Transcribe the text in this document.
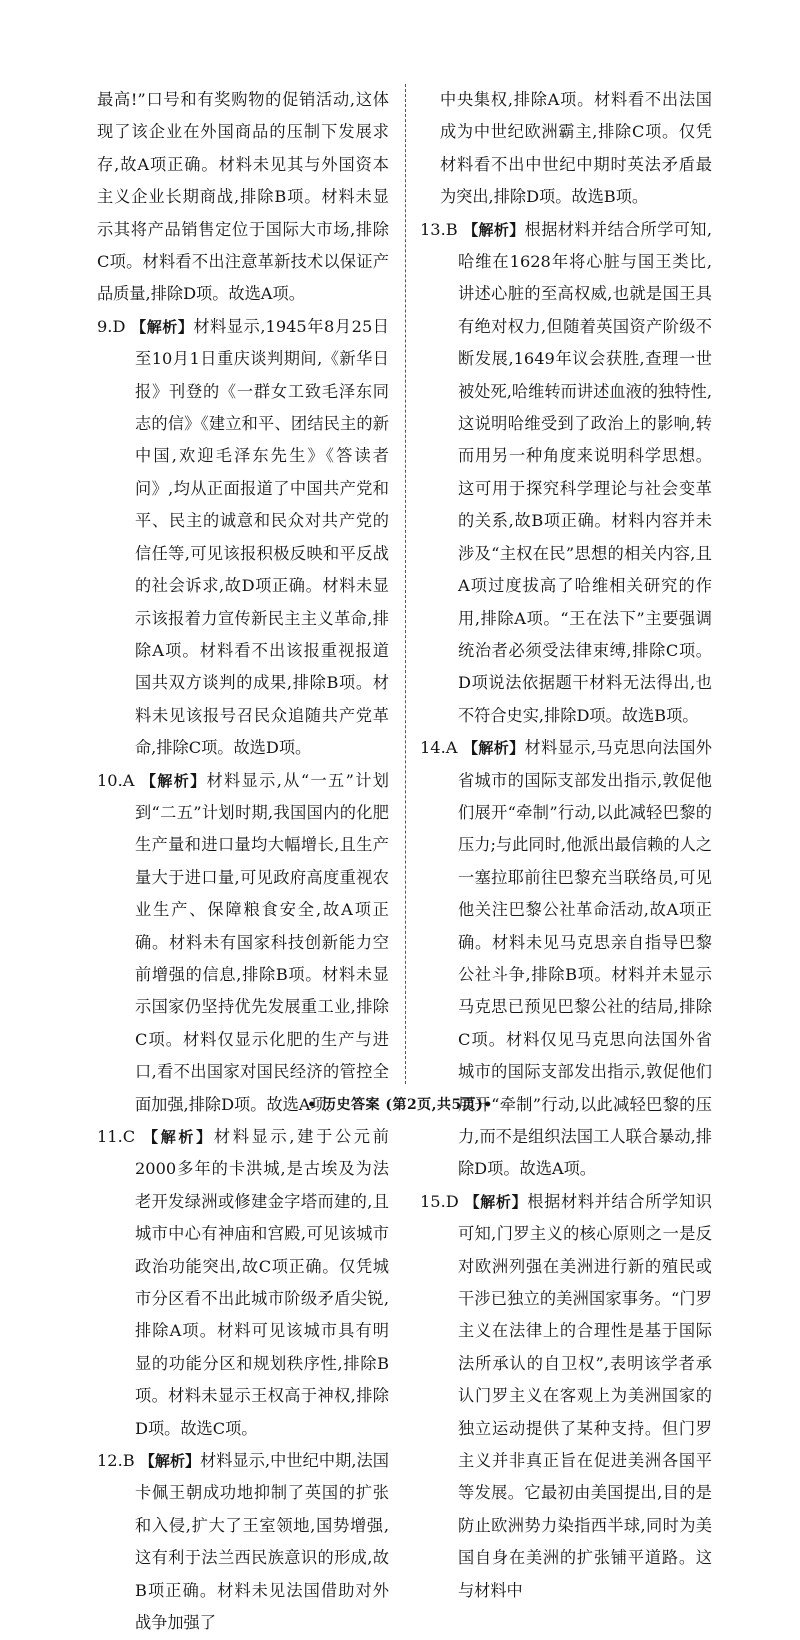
最高!”口号和有奖购物的促销活动,这体现了该企业在外国商品的压制下发展求存,故A项正确。材料未见其与外国资本主义企业长期商战,排除B项。材料未显示其将产品销售定位于国际大市场,排除C项。材料看不出注意革新技术以保证产品质量,排除D项。故选A项。

9.D 【解析】材料显示,1945年8月25日至10月1日重庆谈判期间,《新华日报》刊登的《一群女工致毛泽东同志的信》《建立和平、团结民主的新中国,欢迎毛泽东先生》《答读者问》,均从正面报道了中国共产党和平、民主的诚意和民众对共产党的信任等,可见该报积极反映和平反战的社会诉求,故D项正确。材料未显示该报着力宣传新民主主义革命,排除A项。材料看不出该报重视报道国共双方谈判的成果,排除B项。材料未见该报号召民众追随共产党革命,排除C项。故选D项。

10.A 【解析】材料显示,从“一五”计划到“二五”计划时期,我国国内的化肥生产量和进口量均大幅增长,且生产量大于进口量,可见政府高度重视农业生产、保障粮食安全,故A项正确。材料未有国家科技创新能力空前增强的信息,排除B项。材料未显示国家仍坚持优先发展重工业,排除C项。材料仅显示化肥的生产与进口,看不出国家对国民经济的管控全面加强,排除D项。故选A项。

11.C 【解析】材料显示,建于公元前2000多年的卡洪城,是古埃及为法老开发绿洲或修建金字塔而建的,且城市中心有神庙和宫殿,可见该城市政治功能突出,故C项正确。仅凭城市分区看不出此城市阶级矛盾尖锐,排除A项。材料可见该城市具有明显的功能分区和规划秩序性,排除B项。材料未显示王权高于神权,排除D项。故选C项。

12.B 【解析】材料显示,中世纪中期,法国卡佩王朝成功地抑制了英国的扩张和入侵,扩大了王室领地,国势增强,这有利于法兰西民族意识的形成,故B项正确。材料未见法国借助对外战争加强了

中央集权,排除A项。材料看不出法国成为中世纪欧洲霸主,排除C项。仅凭材料看不出中世纪中期时英法矛盾最为突出,排除D项。故选B项。

13.B 【解析】根据材料并结合所学可知,哈维在1628年将心脏与国王类比,讲述心脏的至高权威,也就是国王具有绝对权力,但随着英国资产阶级不断发展,1649年议会获胜,查理一世被处死,哈维转而讲述血液的独特性,这说明哈维受到了政治上的影响,转而用另一种角度来说明科学思想。这可用于探究科学理论与社会变革的关系,故B项正确。材料内容并未涉及“主权在民”思想的相关内容,且A项过度拔高了哈维相关研究的作用,排除A项。“王在法下”主要强调统治者必须受法律束缚,排除C项。D项说法依据题干材料无法得出,也不符合史实,排除D项。故选B项。

14.A 【解析】材料显示,马克思向法国外省城市的国际支部发出指示,敦促他们展开“牵制”行动,以此减轻巴黎的压力;与此同时,他派出最信赖的人之一塞拉耶前往巴黎充当联络员,可见他关注巴黎公社革命活动,故A项正确。材料未见马克思亲自指导巴黎公社斗争,排除B项。材料并未显示马克思已预见巴黎公社的结局,排除C项。材料仅见马克思向法国外省城市的国际支部发出指示,敦促他们展开“牵制”行动,以此减轻巴黎的压力,而不是组织法国工人联合暴动,排除D项。故选A项。

15.D 【解析】根据材料并结合所学知识可知,门罗主义的核心原则之一是反对欧洲列强在美洲进行新的殖民或干涉已独立的美洲国家事务。“门罗主义在法律上的合理性是基于国际法所承认的自卫权”,表明该学者承认门罗主义在客观上为美洲国家的独立运动提供了某种支持。但门罗主义并非真正旨在促进美洲各国平等发展。它最初由美国提出,目的是防止欧洲势力染指西半球,同时为美国自身在美洲的扩张铺平道路。这与材料中

• 历史答案 (第2页,共5页)•
